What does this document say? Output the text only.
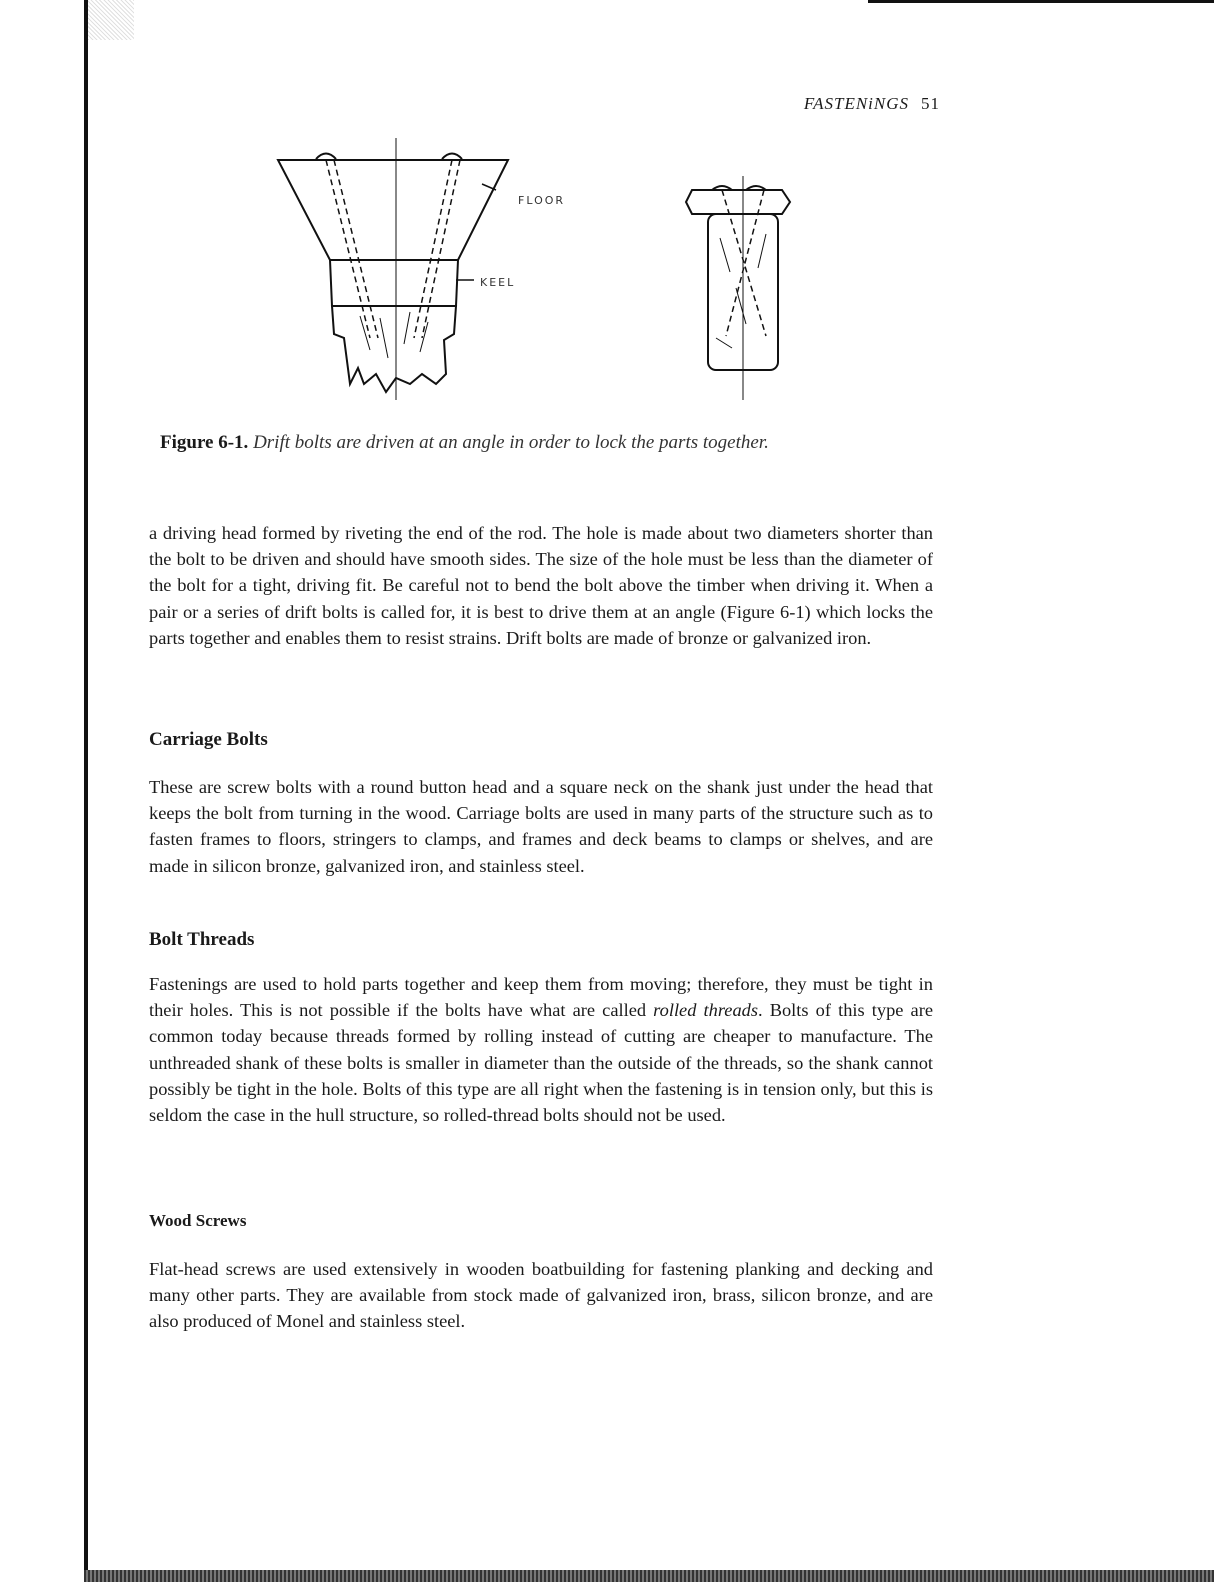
FASTENiNGS 51
FLOOR
KEEL
Figure 6-1. Drift bolts are driven at an angle in order to lock the parts together.

a driving head formed by riveting the end of the rod. The hole is made about two diameters shorter than the bolt to be driven and should have smooth sides. The size of the hole must be less than the diameter of the bolt for a tight, driving fit. Be careful not to bend the bolt above the timber when driving it. When a pair or a series of drift bolts is called for, it is best to drive them at an angle (Figure 6-1) which locks the parts together and enables them to resist strains. Drift bolts are made of bronze or galvanized iron.

Carriage Bolts

These are screw bolts with a round button head and a square neck on the shank just under the head that keeps the bolt from turning in the wood. Carriage bolts are used in many parts of the structure such as to fasten frames to floors, stringers to clamps, and frames and deck beams to clamps or shelves, and are made in silicon bronze, galvanized iron, and stainless steel.

Bolt Threads

Fastenings are used to hold parts together and keep them from moving; therefore, they must be tight in their holes. This is not possible if the bolts have what are called rolled threads. Bolts of this type are common today because threads formed by rolling instead of cutting are cheaper to manufacture. The unthreaded shank of these bolts is smaller in diameter than the outside of the threads, so the shank cannot possibly be tight in the hole. Bolts of this type are all right when the fastening is in tension only, but this is seldom the case in the hull structure, so rolled-thread bolts should not be used.

Wood Screws

Flat-head screws are used extensively in wooden boatbuilding for fastening planking and decking and many other parts. They are available from stock made of galvanized iron, brass, silicon bronze, and are also produced of Monel and stainless steel.
